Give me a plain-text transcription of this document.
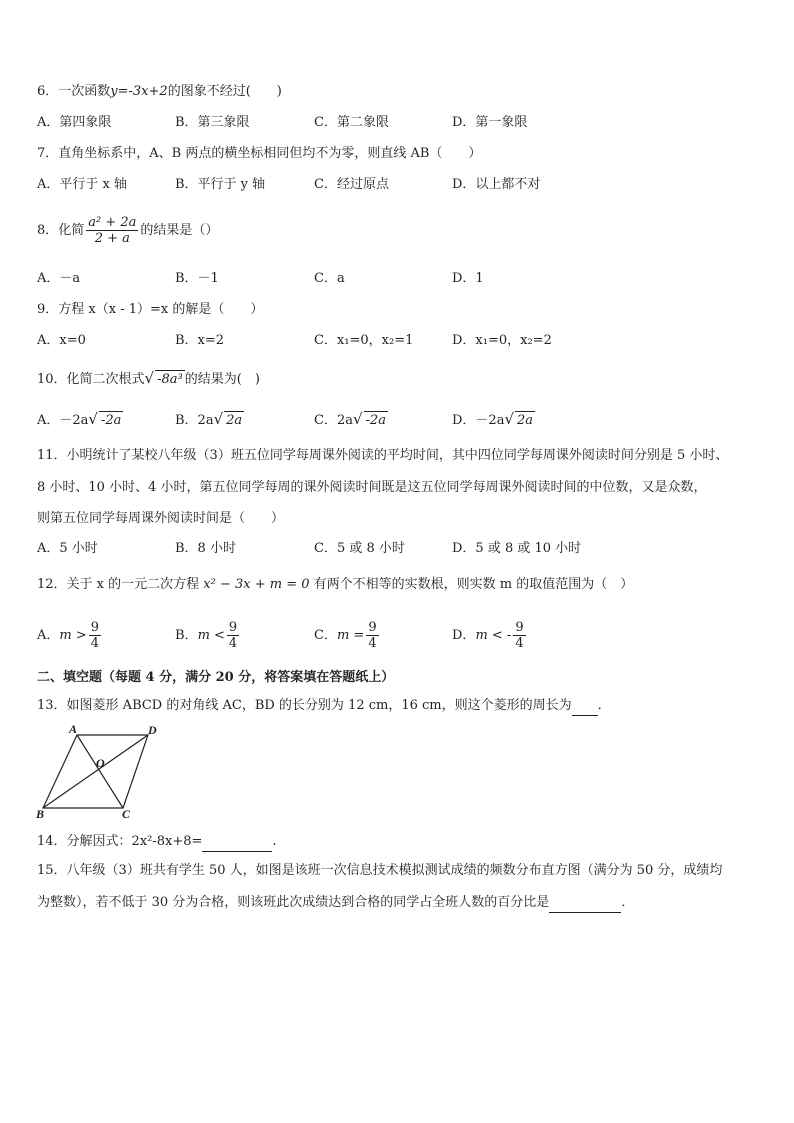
6．一次函数y=-3x+2的图象不经过(　　)
A．第四象限	B．第三象限	C．第二象限	D．第一象限
7．直角坐标系中，A、B 两点的横坐标相同但均不为零，则直线 AB（　　）
A．平行于 x 轴	B．平行于 y 轴	C．经过原点	D．以上都不对
8．化简 $\frac{\text{a² + 2a}}{2 + a}$ 的结果是（）
A．－a	B．－1	C．a	D．1
9．方程 x（x - 1）=x 的解是（　　）
A．x=0	B．x=2	C．x₁=0，x₂=1	D．x₁=0，x₂=2
10．化简二次根式√ -8a³ 的结果为(　)
A．－2a√ -2a	B．2a√ 2a	C．2a√ -2a	D．－2a√ 2a
11．小明统计了某校八年级（3）班五位同学每周课外阅读的平均时间，其中四位同学每周课外阅读时间分别是 5 小时、
8 小时、10 小时、4 小时，第五位同学每周的课外阅读时间既是这五位同学每周课外阅读时间的中位数，又是众数，
则第五位同学每周课外阅读时间是（　　）
A．5 小时	B．8 小时	C．5 或 8 小时	D．5 或 8 或 10 小时
12．关于 x 的一元二次方程 x² − 3x + m = 0 有两个不相等的实数根，则实数 m 的取值范围为（　）
A．$m > \frac{9}{4}$	B．$m < \frac{9}{4}$	C．$m = \frac{9}{4}$	D．m < - $\frac{9}{4}$
二、填空题（每题 4 分，满分 20 分，将答案填在答题纸上）
13．如图菱形 ABCD 的对角线 AC，BD 的长分别为 12 cm，16 cm，则这个菱形的周长为 ．
A	D
O
B	C
14．分解因式：2x²-8x+8=	.
15．八年级（3）班共有学生 50 人，如图是该班一次信息技术模拟测试成绩的频数分布直方图（满分为 50 分，成绩均
为整数），若不低于 30 分为合格，则该班此次成绩达到合格的同学占全班人数的百分比是	．
